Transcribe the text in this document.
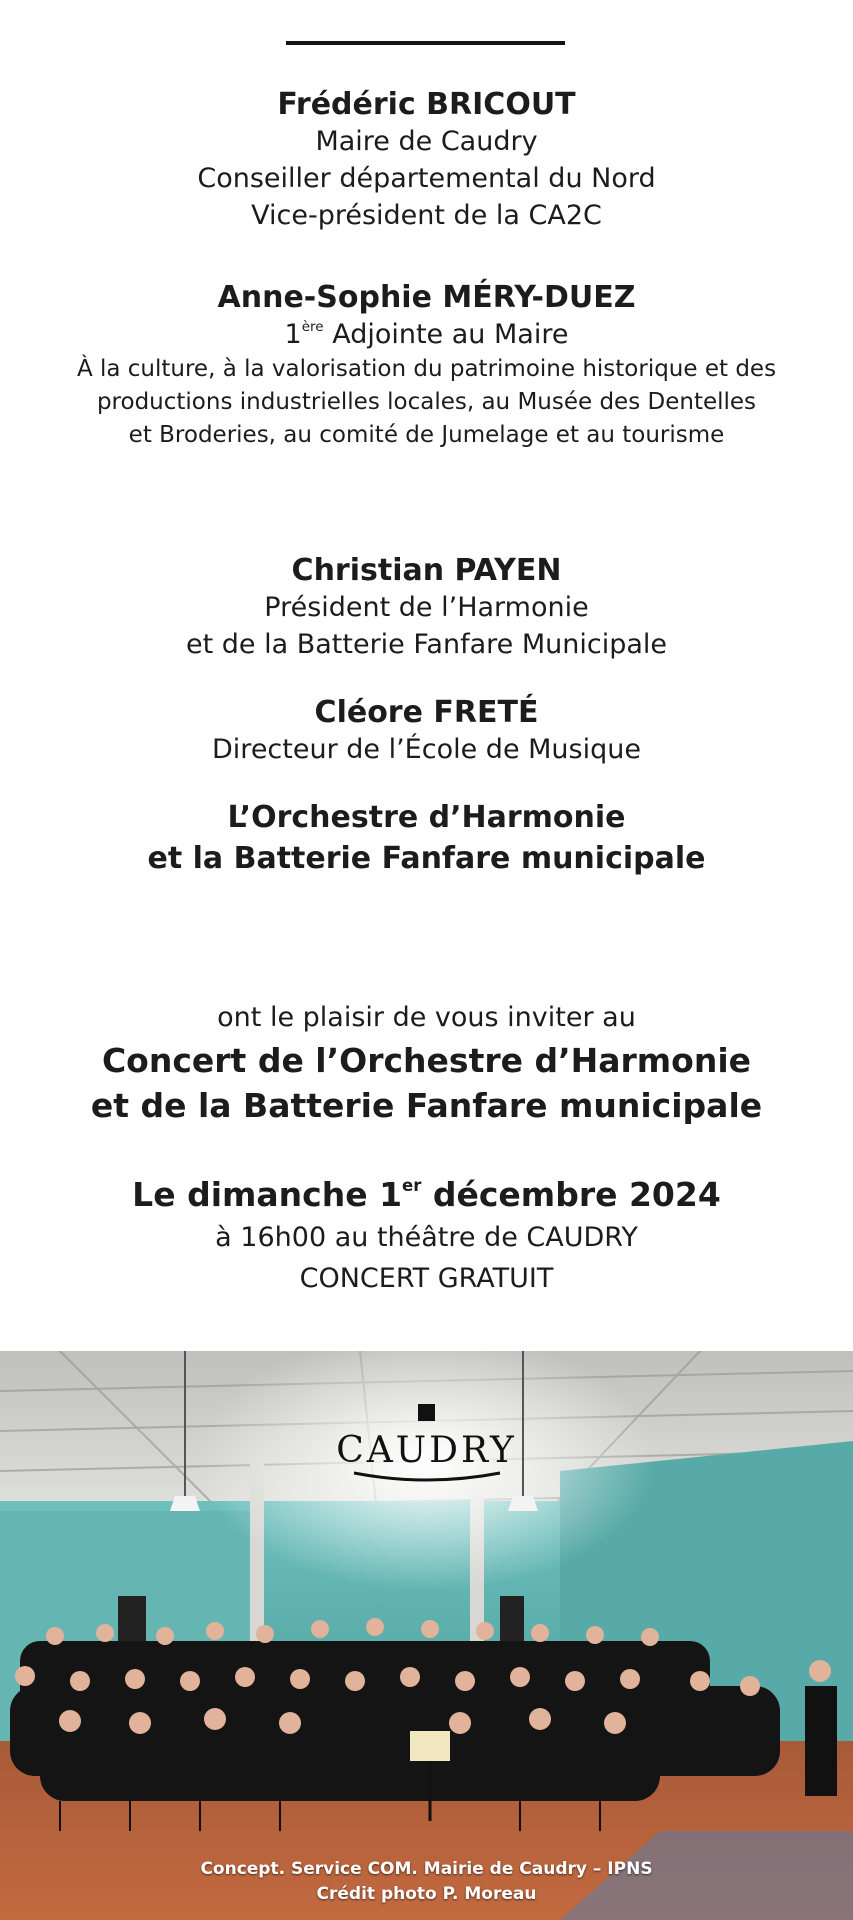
Frédéric BRICOUT
Maire de Caudry
Conseiller départemental du Nord
Vice-président de la CA2C
Anne-Sophie MÉRY-DUEZ
1ère Adjointe au Maire
À la culture, à la valorisation du patrimoine historique et des
productions industrielles locales, au Musée des Dentelles
et Broderies, au comité de Jumelage et au tourisme
Christian PAYEN
Président de l’Harmonie
et de la Batterie Fanfare Municipale
Cléore FRETÉ
Directeur de l’École de Musique
L’Orchestre d’Harmonie
et la Batterie Fanfare municipale
ont le plaisir de vous inviter au
Concert de l’Orchestre d’Harmonie
et de la Batterie Fanfare municipale
Le dimanche 1er décembre 2024
à 16h00 au théâtre de CAUDRY
CONCERT GRATUIT
CAUDRY
Concept. Service COM. Mairie de Caudry – IPNS
Crédit photo P. Moreau
